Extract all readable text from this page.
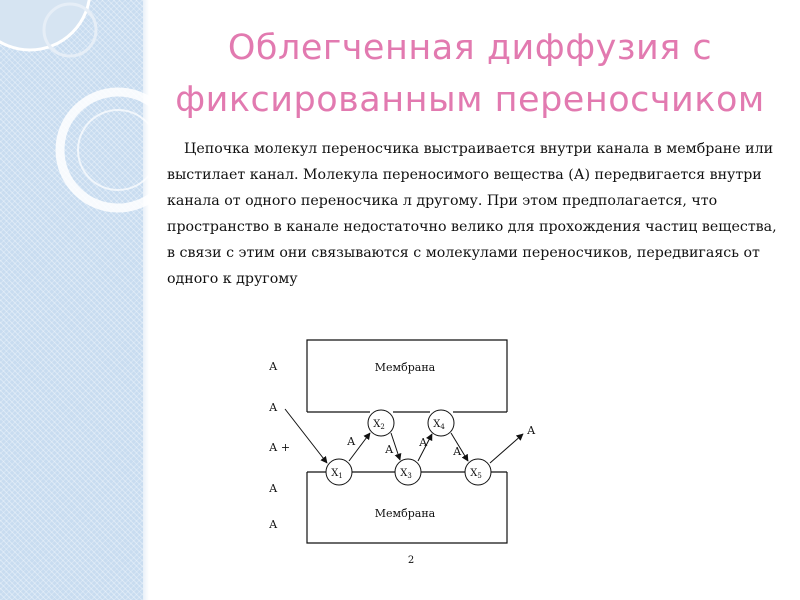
Облегченная диффузия с
фиксированным переносчиком
Цепочка молекул переносчика выстраивается внутри канала в мембране или выстилает канал. Молекула переносимого вещества (А) передвигается внутри канала от одного переносчика л другому. При этом предполагается, что пространство в канале недостаточно велико для прохождения частиц вещества, в связи с этим они связываются с молекулами переносчиков, передвигаясь от одного к другому
Мембрана
Мембрана
А
А
А +
А
А
$X_1$
$X_2$
$X_3$
$X_4$
$X_5$
А
А
А
А
А
2
